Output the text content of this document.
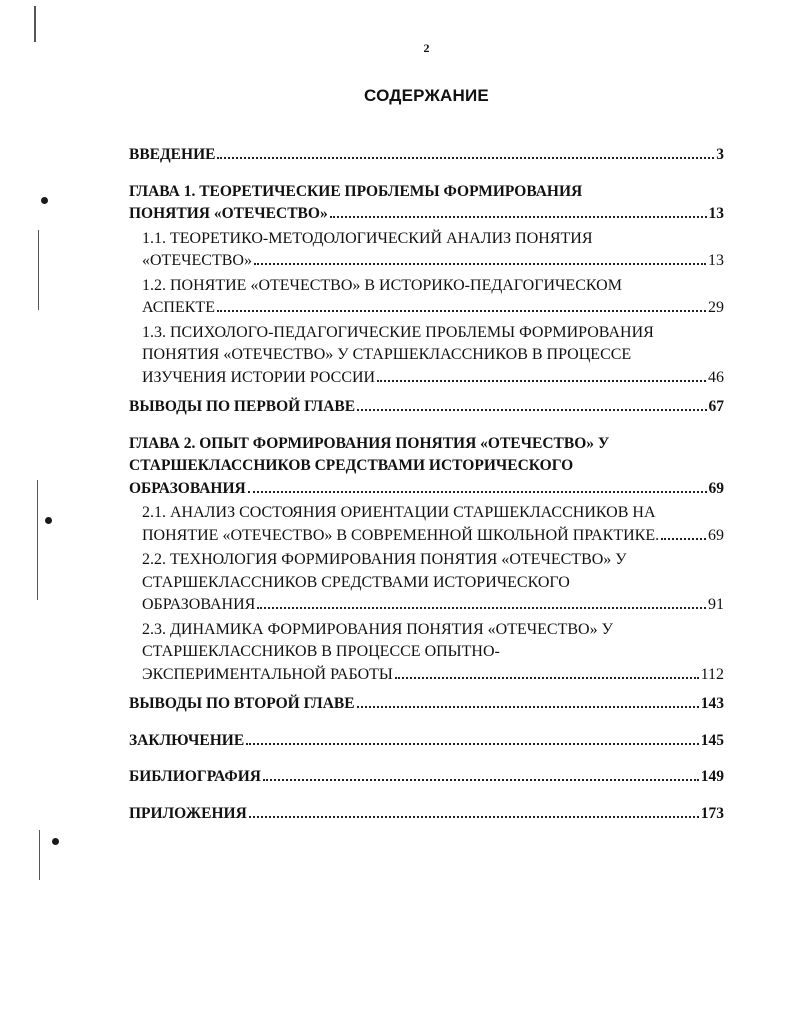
2
СОДЕРЖАНИЕ
ВВЕДЕНИЕ	3
ГЛАВА 1. ТЕОРЕТИЧЕСКИЕ ПРОБЛЕМЫ ФОРМИРОВАНИЯ
ПОНЯТИЯ «ОТЕЧЕСТВО»	13
1.1. ТЕОРЕТИКО-МЕТОДОЛОГИЧЕСКИЙ АНАЛИЗ ПОНЯТИЯ
«ОТЕЧЕСТВО»	13
1.2. ПОНЯТИЕ «ОТЕЧЕСТВО» В ИСТОРИКО-ПЕДАГОГИЧЕСКОМ
АСПЕКТЕ	29
1.3. ПСИХОЛОГО-ПЕДАГОГИЧЕСКИЕ ПРОБЛЕМЫ ФОРМИРОВАНИЯ
ПОНЯТИЯ «ОТЕЧЕСТВО» У СТАРШЕКЛАССНИКОВ В ПРОЦЕССЕ
ИЗУЧЕНИЯ ИСТОРИИ РОССИИ	46
ВЫВОДЫ ПО ПЕРВОЙ ГЛАВЕ	67
ГЛАВА 2. ОПЫТ ФОРМИРОВАНИЯ ПОНЯТИЯ «ОТЕЧЕСТВО» У
СТАРШЕКЛАССНИКОВ СРЕДСТВАМИ ИСТОРИЧЕСКОГО
ОБРАЗОВАНИЯ	69
2.1. АНАЛИЗ СОСТОЯНИЯ ОРИЕНТАЦИИ СТАРШЕКЛАССНИКОВ НА
ПОНЯТИЕ «ОТЕЧЕСТВО» В СОВРЕМЕННОЙ ШКОЛЬНОЙ ПРАКТИКЕ.	69
2.2. ТЕХНОЛОГИЯ ФОРМИРОВАНИЯ ПОНЯТИЯ «ОТЕЧЕСТВО» У
СТАРШЕКЛАССНИКОВ СРЕДСТВАМИ ИСТОРИЧЕСКОГО
ОБРАЗОВАНИЯ	91
2.3. ДИНАМИКА ФОРМИРОВАНИЯ ПОНЯТИЯ «ОТЕЧЕСТВО» У
СТАРШЕКЛАССНИКОВ В ПРОЦЕССЕ ОПЫТНО-
ЭКСПЕРИМЕНТАЛЬНОЙ РАБОТЫ	112
ВЫВОДЫ ПО ВТОРОЙ ГЛАВЕ	143
ЗАКЛЮЧЕНИЕ	145
БИБЛИОГРАФИЯ	149
ПРИЛОЖЕНИЯ	173
